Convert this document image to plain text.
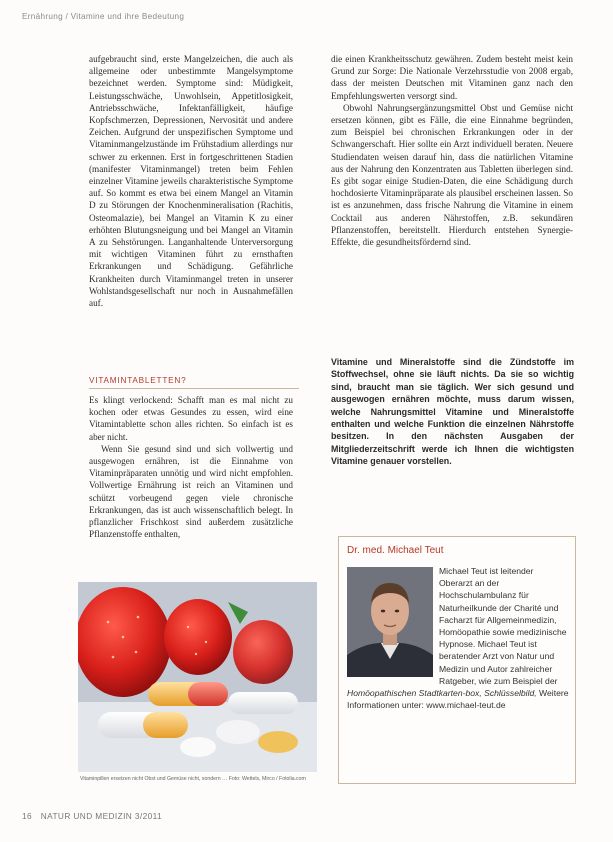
Ernährung / Vitamine und ihre Bedeutung

aufgebraucht sind, erste Mangelzeichen, die auch als allgemeine oder unbestimmte Mangelsymptome bezeichnet werden. Symptome sind: Müdigkeit, Leistungsschwäche, Unwohlsein, Appetitlosigkeit, Antriebsschwäche, Infektanfälligkeit, häufige Kopfschmerzen, Depressionen, Nervosität und andere Zeichen. Aufgrund der unspezifischen Symptome und Vitaminmangelzustände im Frühstadium allerdings nur schwer zu erkennen. Erst in fortgeschrittenen Stadien (manifester Vitaminmangel) treten beim Fehlen einzelner Vitamine jeweils charakteristische Symptome auf. So kommt es etwa bei einem Mangel an Vitamin D zu Störungen der Knochenmineralisation (Rachitis, Osteomalazie), bei Mangel an Vitamin K zu einer erhöhten Blutungsneigung und bei Mangel an Vitamin A zu Sehstörungen. Langanhaltende Unterversorgung mit wichtigen Vitaminen führt zu ernsthaften Erkrankungen und Schädigung. Gefährliche Krankheiten durch Vitaminmangel treten in unserer Wohlstandsgesellschaft nur noch in Ausnahmefällen auf.

VITAMINTABLETTEN?

Es klingt verlockend: Schafft man es mal nicht zu kochen oder etwas Gesundes zu essen, wird eine Vitamintablette schon alles richten. So einfach ist es aber nicht.

Wenn Sie gesund sind und sich vollwertig und ausgewogen ernähren, ist die Einnahme von Vitaminpräparaten unnötig und wird nicht empfohlen. Vollwertige Ernährung ist reich an Vitaminen und schützt vorbeugend gegen viele chronische Erkrankungen, das ist auch wissenschaftlich belegt. In pflanzlicher Frischkost sind außerdem zusätzliche Pflanzenstoffe enthalten,

die einen Krankheitsschutz gewähren. Zudem besteht meist kein Grund zur Sorge: Die Nationale Verzehrsstudie von 2008 ergab, dass der meisten Deutschen mit Vitaminen ganz nach den Empfehlungswerten versorgt sind.

Obwohl Nahrungsergänzungsmittel Obst und Gemüse nicht ersetzen können, gibt es Fälle, die eine Einnahme begründen, zum Beispiel bei chronischen Erkrankungen oder in der Schwangerschaft. Hier sollte ein Arzt individuell beraten. Neuere Studiendaten weisen darauf hin, dass die natürlichen Vitamine aus der Nahrung den Konzentraten aus Tabletten überlegen sind. Es gibt sogar einige Studien-Daten, die eine Schädigung durch hochdosierte Vitaminpräparate als plausibel erscheinen lassen. So ist es anzunehmen, dass frische Nahrung die Vitamine in einem Cocktail aus anderen Nährstoffen, z.B. sekundären Pflanzenstoffen, bereitstellt. Hierdurch entstehen Synergie-Effekte, die gesundheitsfördernd sind.

Vitamine und Mineralstoffe sind die Zündstoffe im Stoffwechsel, ohne sie läuft nichts. Da sie so wichtig sind, braucht man sie täglich. Wer sich gesund und ausgewogen ernähren möchte, muss darum wissen, welche Nahrungsmittel Vitamine und Mineralstoffe enthalten und welche Funktion die einzelnen Nährstoffe besitzen. In den nächsten Ausgaben der Mitgliederzeitschrift werde ich Ihnen die wichtigsten Vitamine genauer vorstellen.
Vitaminpillen ersetzen nicht Obst und Gemüse nicht, sondern … Foto: Wettels, Mirco / Fotolia.com
16 NATUR UND MEDIZIN 3/2011
Dr. med. Michael Teut
Michael Teut ist leitender Oberarzt an der Hochschulambulanz für Naturheilkunde der Charité und Facharzt für Allgemeinmedizin, Homöopathie sowie medizinische Hypnose. Michael Teut ist beratender Arzt von Natur und Medizin und Autor zahlreicher Ratgeber, wie zum Beispiel der Homöopathischen Stadtkarten-box, Schlüsselbild, Weitere Informationen unter: www.michael-teut.de
